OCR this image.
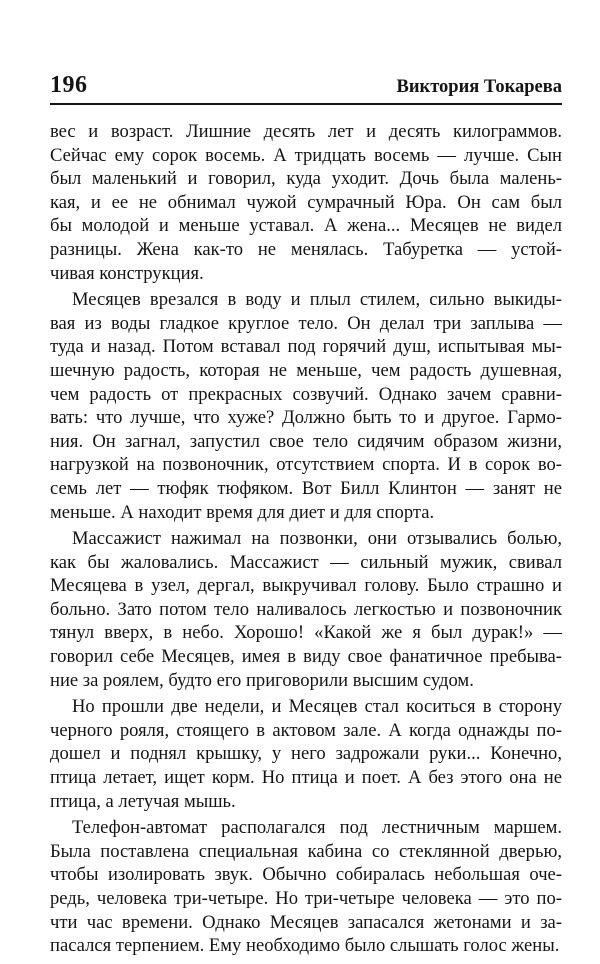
196	Виктория Токарева
вес и возраст. Лишние десять лет и десять килограммов.
Сейчас ему сорок восемь. А тридцать восемь — лучше. Сын
был маленький и говорил, куда уходит. Дочь была малень-
кая, и ее не обнимал чужой сумрачный Юра. Он сам был
бы молодой и меньше уставал. А жена... Месяцев не видел
разницы. Жена как-то не менялась. Табуретка — устой-
чивая конструкция.
Месяцев врезался в воду и плыл стилем, сильно выкиды-
вая из воды гладкое круглое тело. Он делал три заплыва —
туда и назад. Потом вставал под горячий душ, испытывая мы-
шечную радость, которая не меньше, чем радость душевная,
чем радость от прекрасных созвучий. Однако зачем сравни-
вать: что лучше, что хуже? Должно быть то и другое. Гармо-
ния. Он загнал, запустил свое тело сидячим образом жизни,
нагрузкой на позвоночник, отсутствием спорта. И в сорок во-
семь лет — тюфяк тюфяком. Вот Билл Клинтон — занят не
меньше. А находит время для диет и для спорта.
Массажист нажимал на позвонки, они отзывались болью,
как бы жаловались. Массажист — сильный мужик, свивал
Месяцева в узел, дергал, выкручивал голову. Было страшно и
больно. Зато потом тело наливалось легкостью и позвоночник
тянул вверх, в небо. Хорошо! «Какой же я был дурак!» —
говорил себе Месяцев, имея в виду свое фанатичное пребыва-
ние за роялем, будто его приговорили высшим судом.
Но прошли две недели, и Месяцев стал коситься в сторону
черного рояля, стоящего в актовом зале. А когда однажды по-
дошел и поднял крышку, у него задрожали руки... Конечно,
птица летает, ищет корм. Но птица и поет. А без этого она не
птица, а летучая мышь.
Телефон-автомат располагался под лестничным маршем.
Была поставлена специальная кабина со стеклянной дверью,
чтобы изолировать звук. Обычно собиралась небольшая оче-
редь, человека три-четыре. Но три-четыре человека — это по-
чти час времени. Однако Месяцев запасался жетонами и за-
пасался терпением. Ему необходимо было слышать голос жены.
